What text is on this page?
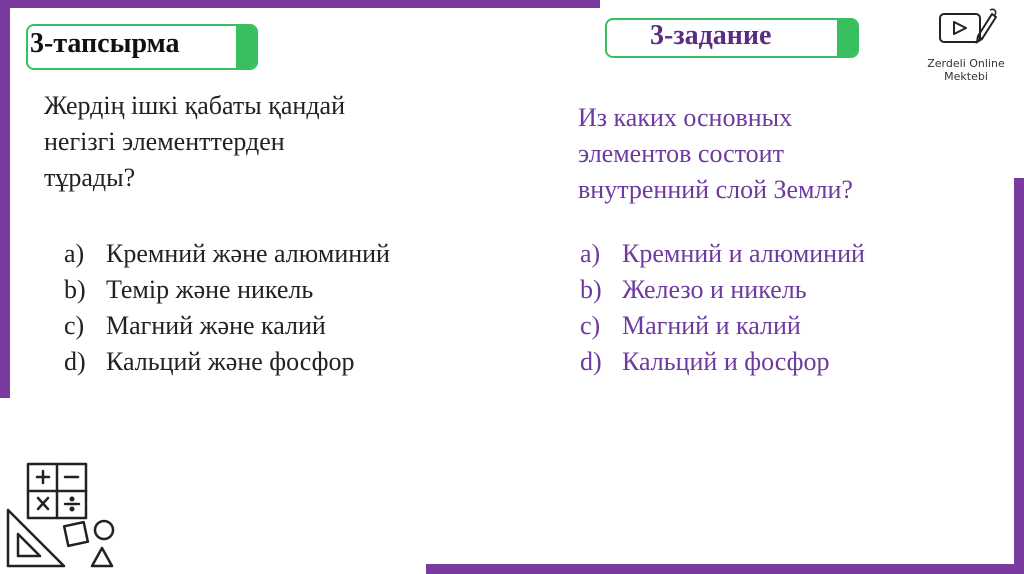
3-тапсырма	3-задание
Жердің ішкі қабаты қандай
негізгі элементтерден
тұрады?
a) Кремний және алюминий
b) Темір және никель
c) Магний және калий
d) Кальций және фосфор
Из каких основных
элементов состоит
внутренний слой Земли?
a) Кремний и алюминий
b) Железо и никель
c) Магний и калий
d) Кальций и фосфор
Zerdeli Online
Mektebi
